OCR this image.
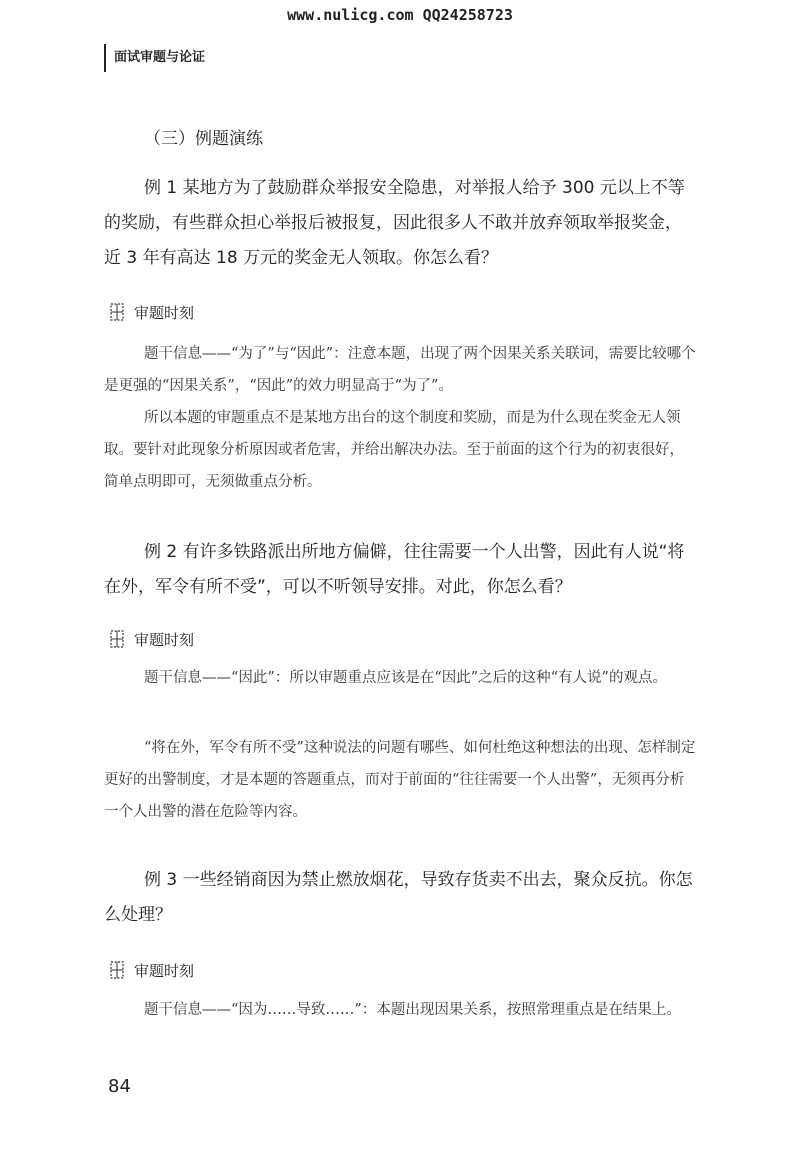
www.nulicg.com QQ24258723
面试审题与论证
（三）例题演练

例 1 某地方为了鼓励群众举报安全隐患，对举报人给予 300 元以上不等的奖励，有些群众担心举报后被报复，因此很多人不敢并放弃领取举报奖金，近 3 年有高达 18 万元的奖金无人领取。你怎么看？

审题时刻

题干信息——“为了”与“因此”：注意本题，出现了两个因果关系关联词，需要比较哪个是更强的“因果关系”，“因此”的效力明显高于“为了”。

所以本题的审题重点不是某地方出台的这个制度和奖励，而是为什么现在奖金无人领取。要针对此现象分析原因或者危害，并给出解决办法。至于前面的这个行为的初衷很好，简单点明即可，无须做重点分析。

例 2 有许多铁路派出所地方偏僻，往往需要一个人出警，因此有人说“将在外，军令有所不受”，可以不听领导安排。对此，你怎么看？

审题时刻

题干信息——“因此”：所以审题重点应该是在“因此”之后的这种“有人说”的观点。

“将在外，军令有所不受”这种说法的问题有哪些、如何杜绝这种想法的出现、怎样制定更好的出警制度，才是本题的答题重点，而对于前面的“往往需要一个人出警”，无须再分析一个人出警的潜在危险等内容。

例 3 一些经销商因为禁止燃放烟花，导致存货卖不出去，聚众反抗。你怎么处理？

审题时刻

题干信息——“因为……导致……”：本题出现因果关系，按照常理重点是在结果上。

84
